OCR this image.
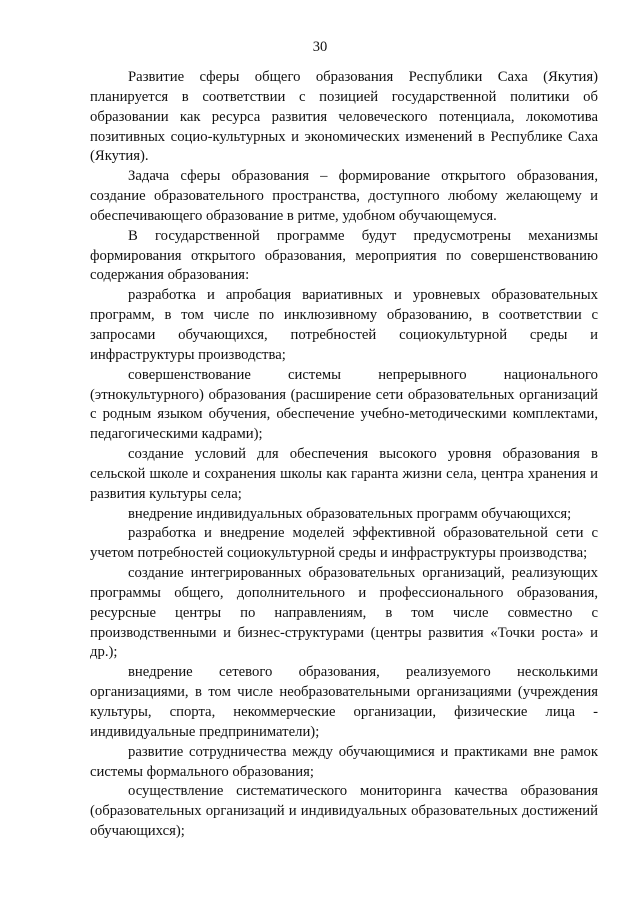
30

Развитие сферы общего образования Республики Саха (Якутия) планируется в соответствии с позицией государственной политики об образовании как ресурса развития человеческого потенциала, локомотива позитивных социо-культурных и экономических изменений в Республике Саха (Якутия).

Задача сферы образования – формирование открытого образования, создание образовательного пространства, доступного любому желающему и обеспечивающего образование в ритме, удобном обучающемуся.

В государственной программе будут предусмотрены механизмы формирования открытого образования, мероприятия по совершенствованию содержания образования:

разработка и апробация вариативных и уровневых образовательных программ, в том числе по инклюзивному образованию, в соответствии с запросами обучающихся, потребностей социокультурной среды и инфраструктуры производства;

совершенствование системы непрерывного национального (этнокультурного) образования (расширение сети образовательных организаций с родным языком обучения, обеспечение учебно-методическими комплектами, педагогическими кадрами);

создание условий для обеспечения высокого уровня образования в сельской школе и сохранения школы как гаранта жизни села, центра хранения и развития культуры села;

внедрение индивидуальных образовательных программ обучающихся;

разработка и внедрение моделей эффективной образовательной сети с учетом потребностей социокультурной среды и инфраструктуры производства;

создание интегрированных образовательных организаций, реализующих программы общего, дополнительного и профессионального образования, ресурсные центры по направлениям, в том числе совместно с производственными и бизнес-структурами (центры развития «Точки роста» и др.);

внедрение сетевого образования, реализуемого несколькими организациями, в том числе необразовательными организациями (учреждения культуры, спорта, некоммерческие организации, физические лица - индивидуальные предприниматели);

развитие сотрудничества между обучающимися и практиками вне рамок системы формального образования;

осуществление систематического мониторинга качества образования (образовательных организаций и индивидуальных образовательных достижений обучающихся);
